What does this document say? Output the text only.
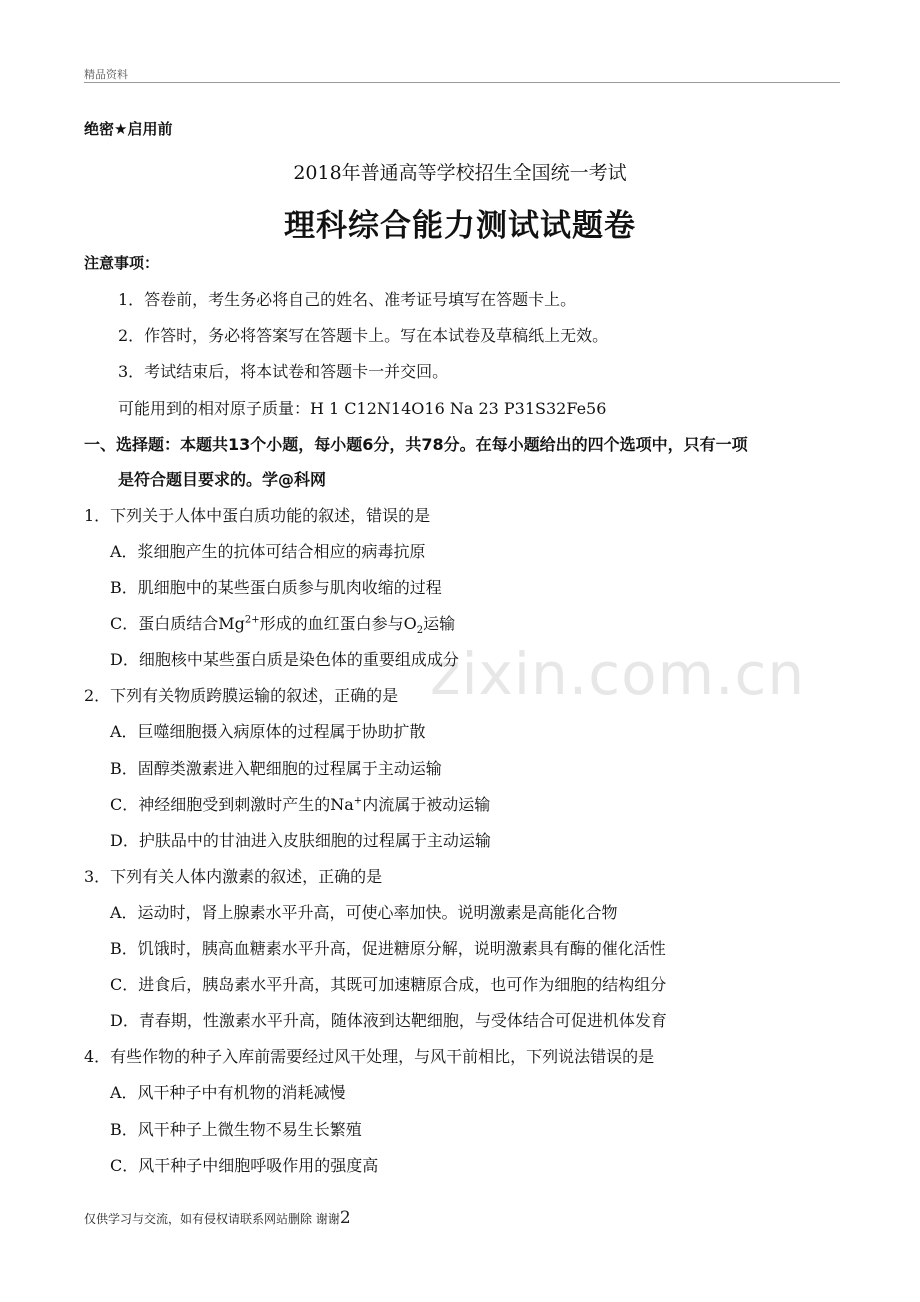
精品资料
zixin.com.cn
绝密★启用前
2018年普通高等学校招生全国统一考试
理科综合能力测试试题卷
注意事项：
1．答卷前，考生务必将自己的姓名、准考证号填写在答题卡上。
2．作答时，务必将答案写在答题卡上。写在本试卷及草稿纸上无效。
3．考试结束后，将本试卷和答题卡一并交回。
可能用到的相对原子质量：H 1 C12N14O16 Na 23 P31S32Fe56
一、选择题：本题共13个小题，每小题6分，共78分。在每小题给出的四个选项中，只有一项
是符合题目要求的。学@科网
1．下列关于人体中蛋白质功能的叙述，错误的是
A．浆细胞产生的抗体可结合相应的病毒抗原
B．肌细胞中的某些蛋白质参与肌肉收缩的过程
C．蛋白质结合$Mg^{2+}$形成的血红蛋白参与$O_2$运输
D．细胞核中某些蛋白质是染色体的重要组成成分
2．下列有关物质跨膜运输的叙述，正确的是
A．巨噬细胞摄入病原体的过程属于协助扩散
B．固醇类激素进入靶细胞的过程属于主动运输
C．神经细胞受到刺激时产生的Na+内流属于被动运输
D．护肤品中的甘油进入皮肤细胞的过程属于主动运输
3．下列有关人体内激素的叙述，正确的是
A．运动时，肾上腺素水平升高，可使心率加快。说明激素是高能化合物
B．饥饿时，胰高血糖素水平升高，促进糖原分解，说明激素具有酶的催化活性
C．进食后，胰岛素水平升高，其既可加速糖原合成，也可作为细胞的结构组分
D．青春期，性激素水平升高，随体液到达靶细胞，与受体结合可促进机体发育
4．有些作物的种子入库前需要经过风干处理，与风干前相比，下列说法错误的是
A．风干种子中有机物的消耗减慢
B．风干种子上微生物不易生长繁殖
C．风干种子中细胞呼吸作用的强度高
仅供学习与交流，如有侵权请联系网站删除 谢谢2
